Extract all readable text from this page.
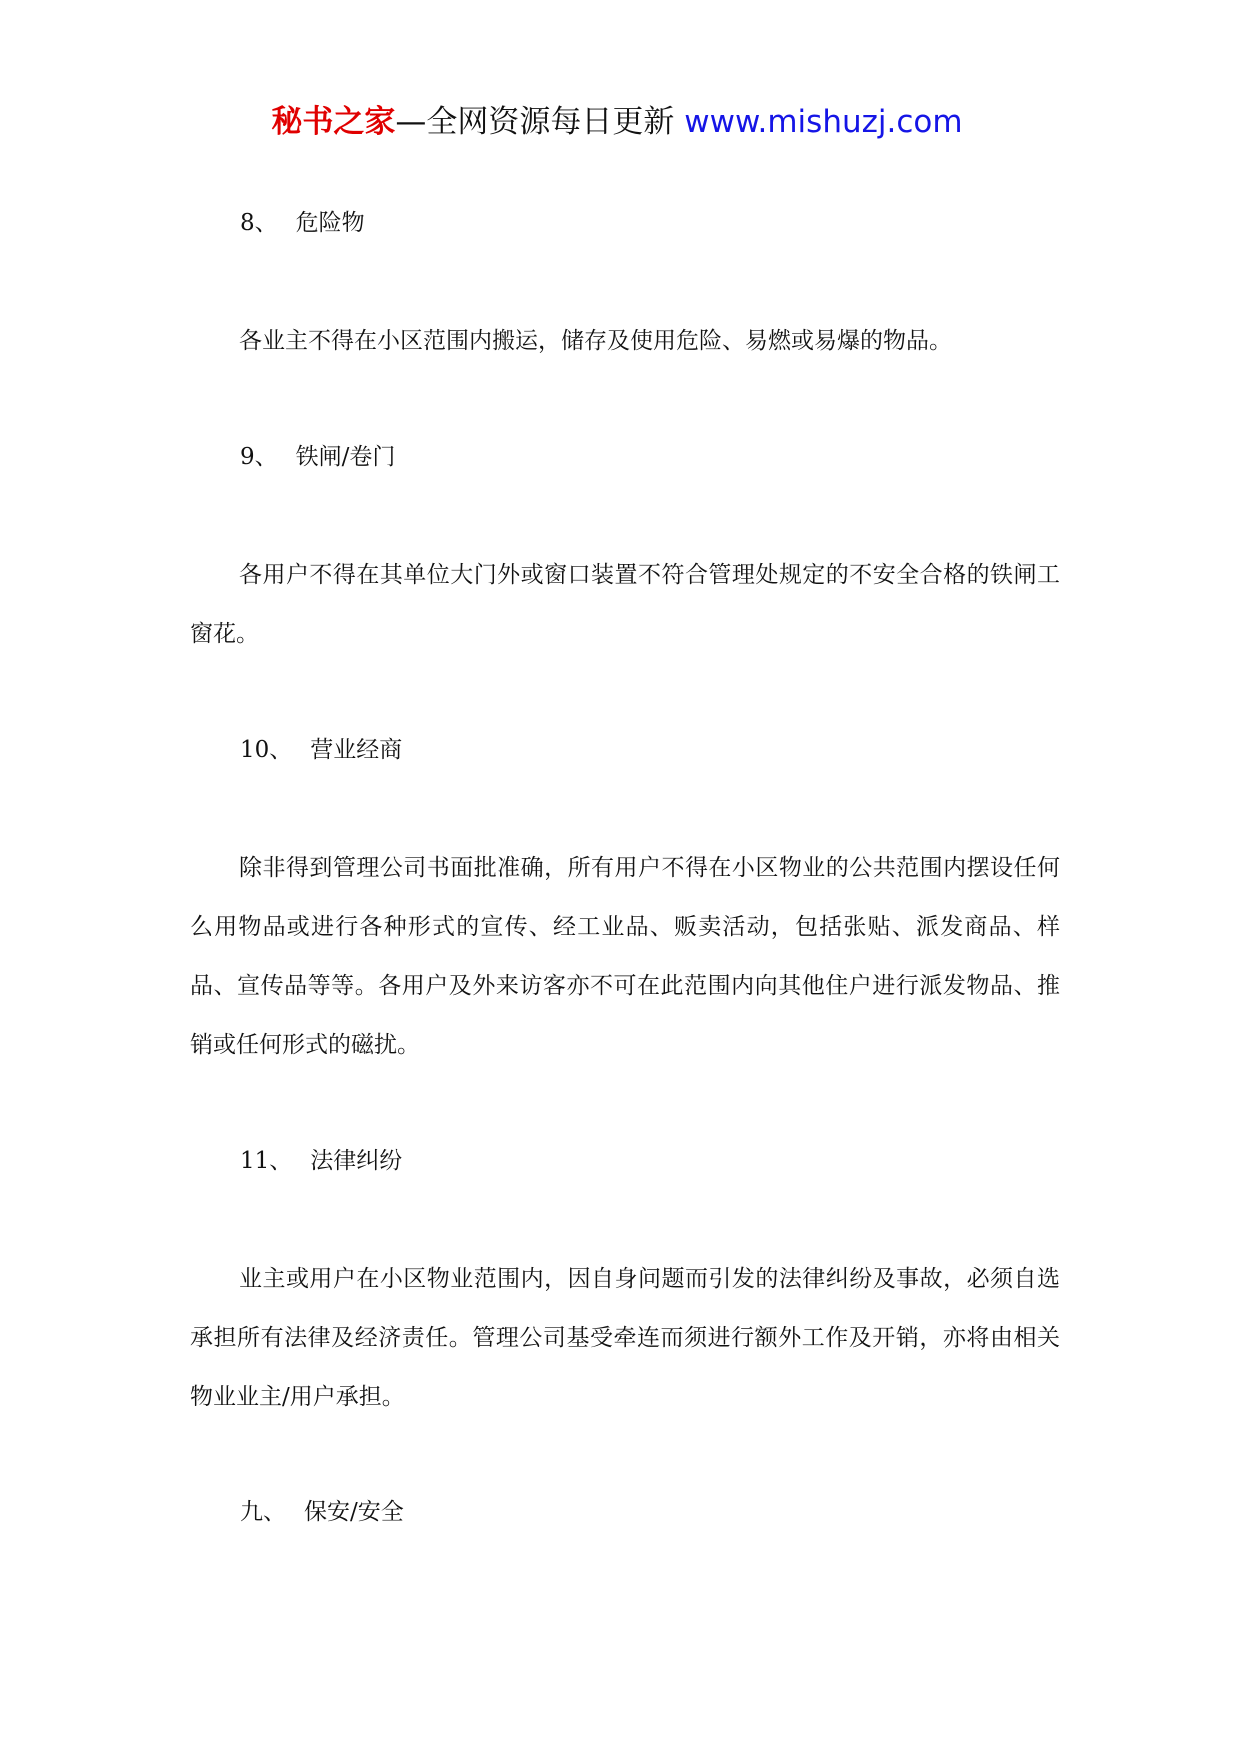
秘书之家—全网资源每日更新 www.mishuzj.com
8、 危险物
各业主不得在小区范围内搬运，储存及使用危险、易燃或易爆的物品。
9、 铁闸/卷门
各用户不得在其单位大门外或窗口装置不符合管理处规定的不安全合格的铁闸工窗花。
10、 营业经商
除非得到管理公司书面批准确，所有用户不得在小区物业的公共范围内摆设任何么用物品或进行各种形式的宣传、经工业品、贩卖活动，包括张贴、派发商品、样品、宣传品等等。各用户及外来访客亦不可在此范围内向其他住户进行派发物品、推销或任何形式的磁扰。
11、 法律纠纷
业主或用户在小区物业范围内，因自身问题而引发的法律纠纷及事故，必须自选承担所有法律及经济责任。管理公司基受牵连而须进行额外工作及开销，亦将由相关物业业主/用户承担。
九、 保安/安全
